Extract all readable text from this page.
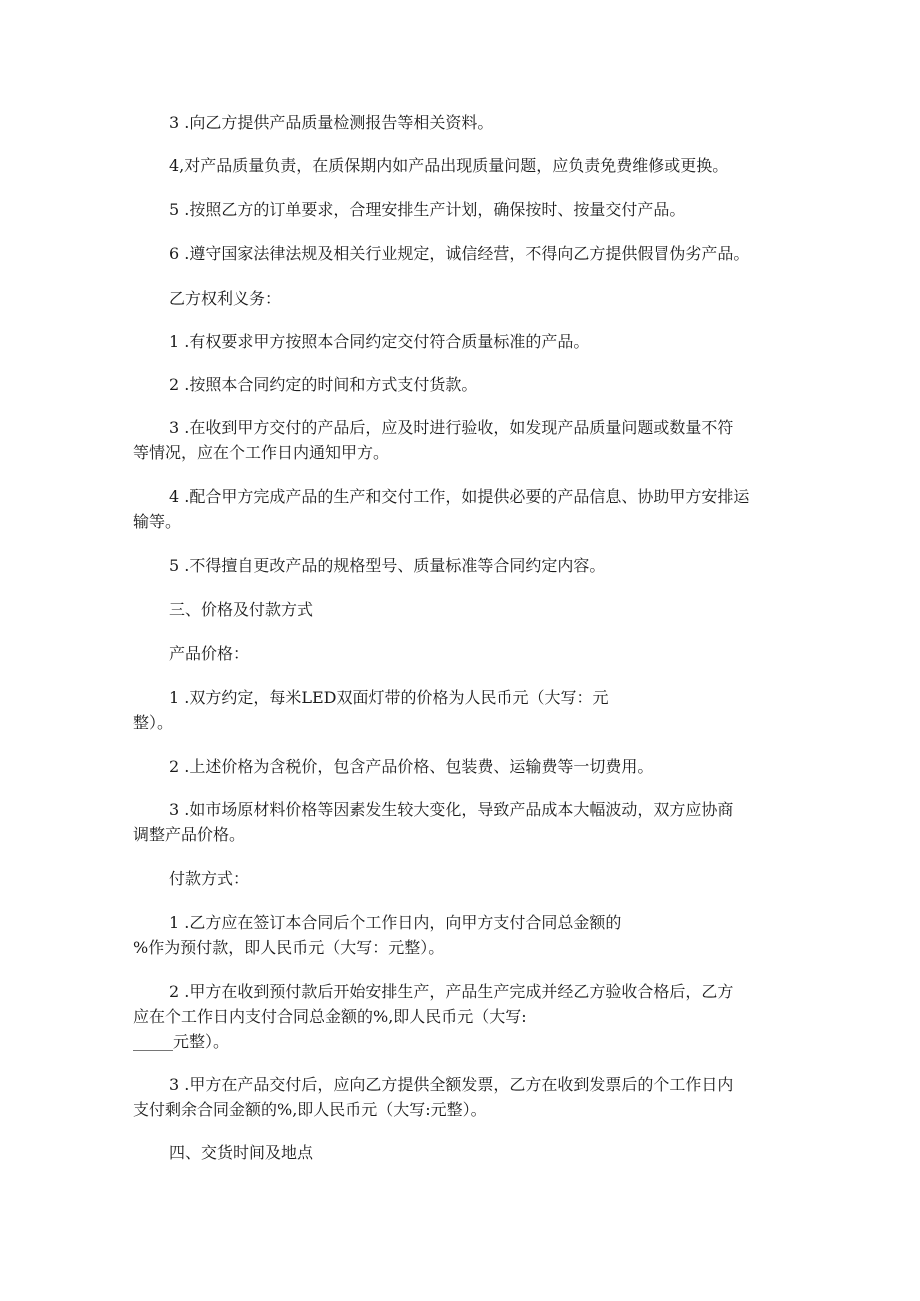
3 .向乙方提供产品质量检测报告等相关资料。

4,对产品质量负责，在质保期内如产品出现质量问题，应负责免费维修或更换。

5 .按照乙方的订单要求，合理安排生产计划，确保按时、按量交付产品。

6 .遵守国家法律法规及相关行业规定，诚信经营，不得向乙方提供假冒伪劣产品。

乙方权利义务：

1 .有权要求甲方按照本合同约定交付符合质量标准的产品。

2 .按照本合同约定的时间和方式支付货款。

3 .在收到甲方交付的产品后，应及时进行验收，如发现产品质量问题或数量不符
等情况，应在个工作日内通知甲方。

4 .配合甲方完成产品的生产和交付工作，如提供必要的产品信息、协助甲方安排运
输等。

5 .不得擅自更改产品的规格型号、质量标准等合同约定内容。

三、价格及付款方式

产品价格：

1 .双方约定，每米LED双面灯带的价格为人民币元（大写：元
整）。

2 .上述价格为含税价，包含产品价格、包装费、运输费等一切费用。

3 .如市场原材料价格等因素发生较大变化，导致产品成本大幅波动，双方应协商
调整产品价格。

付款方式：

1 .乙方应在签订本合同后个工作日内，向甲方支付合同总金额的
%作为预付款，即人民币元（大写：元整）。

2 .甲方在收到预付款后开始安排生产，产品生产完成并经乙方验收合格后，乙方
应在个工作日内支付合同总金额的%,即人民币元（大写:
_____元整）。

3 .甲方在产品交付后，应向乙方提供全额发票，乙方在收到发票后的个工作日内
支付剩余合同金额的%,即人民币元（大写:元整）。

四、交货时间及地点
